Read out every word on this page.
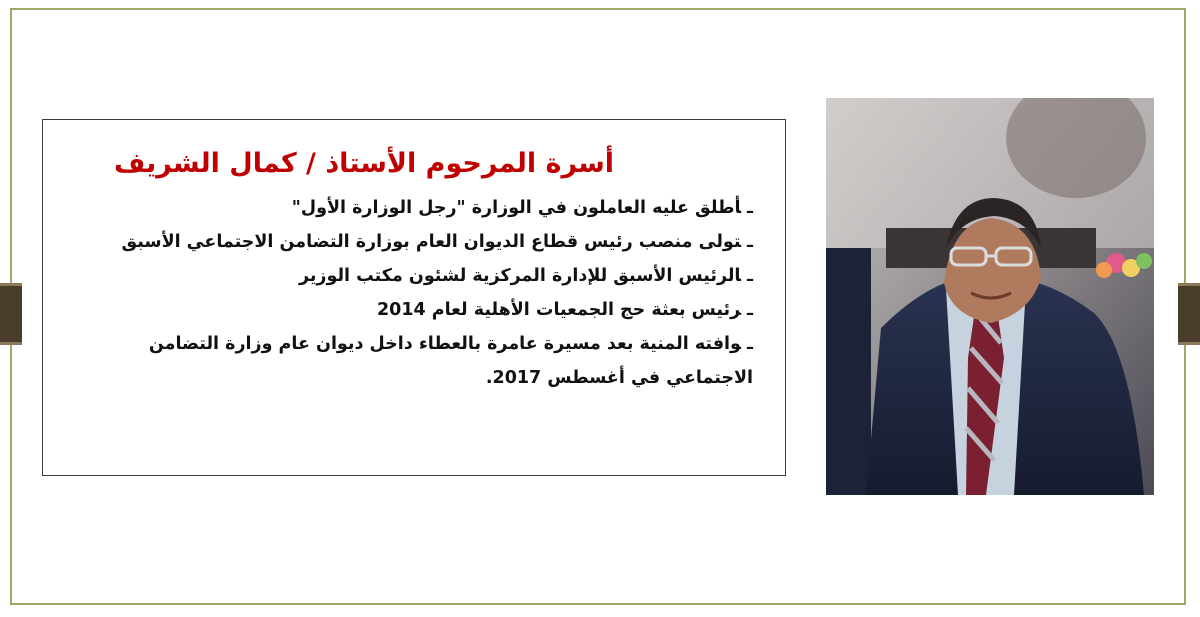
أسرة المرحوم الأستاذ / كمال الشريف
ـأطلق عليه العاملون في الوزارة "رجل الوزارة الأول"
ـتولى منصب رئيس قطاع الديوان العام بوزارة التضامن الاجتماعي الأسبق
ـالرئيس الأسبق للإدارة المركزية لشئون مكتب الوزير
ـرئيس بعثة حج الجمعيات الأهلية لعام 2014
ـوافته المنية بعد مسيرة عامرة بالعطاء داخل ديوان عام وزارة التضامن الاجتماعي في أغسطس 2017.
